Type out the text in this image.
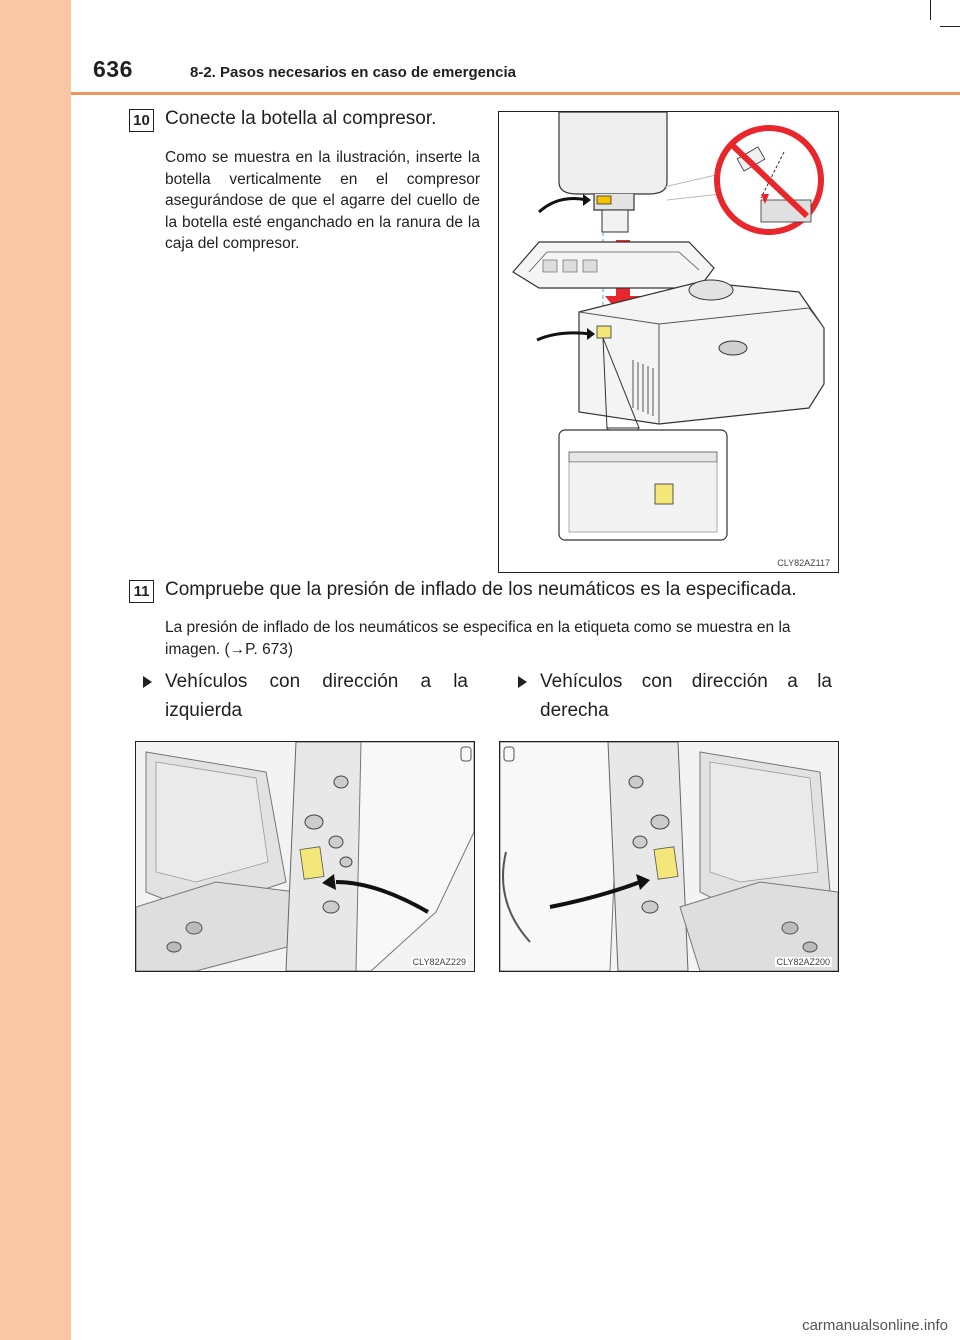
636	8-2. Pasos necesarios en caso de emergencia
10 Conecte la botella al compresor.
Como se muestra en la ilustración, inserte la botella verticalmente en el compresor asegurándose de que el agarre del cuello de la botella esté enganchado en la ranura de la caja del compresor.
CLY82AZ117
11 Compruebe que la presión de inflado de los neumáticos es la especificada.
La presión de inflado de los neumáticos se especifica en la etiqueta como se muestra en la imagen. (→P. 673)
Vehículos con dirección a la izquierda
Vehículos con dirección a la derecha
CLY82AZ229	CLY82AZ200
carmanualsonline.info
